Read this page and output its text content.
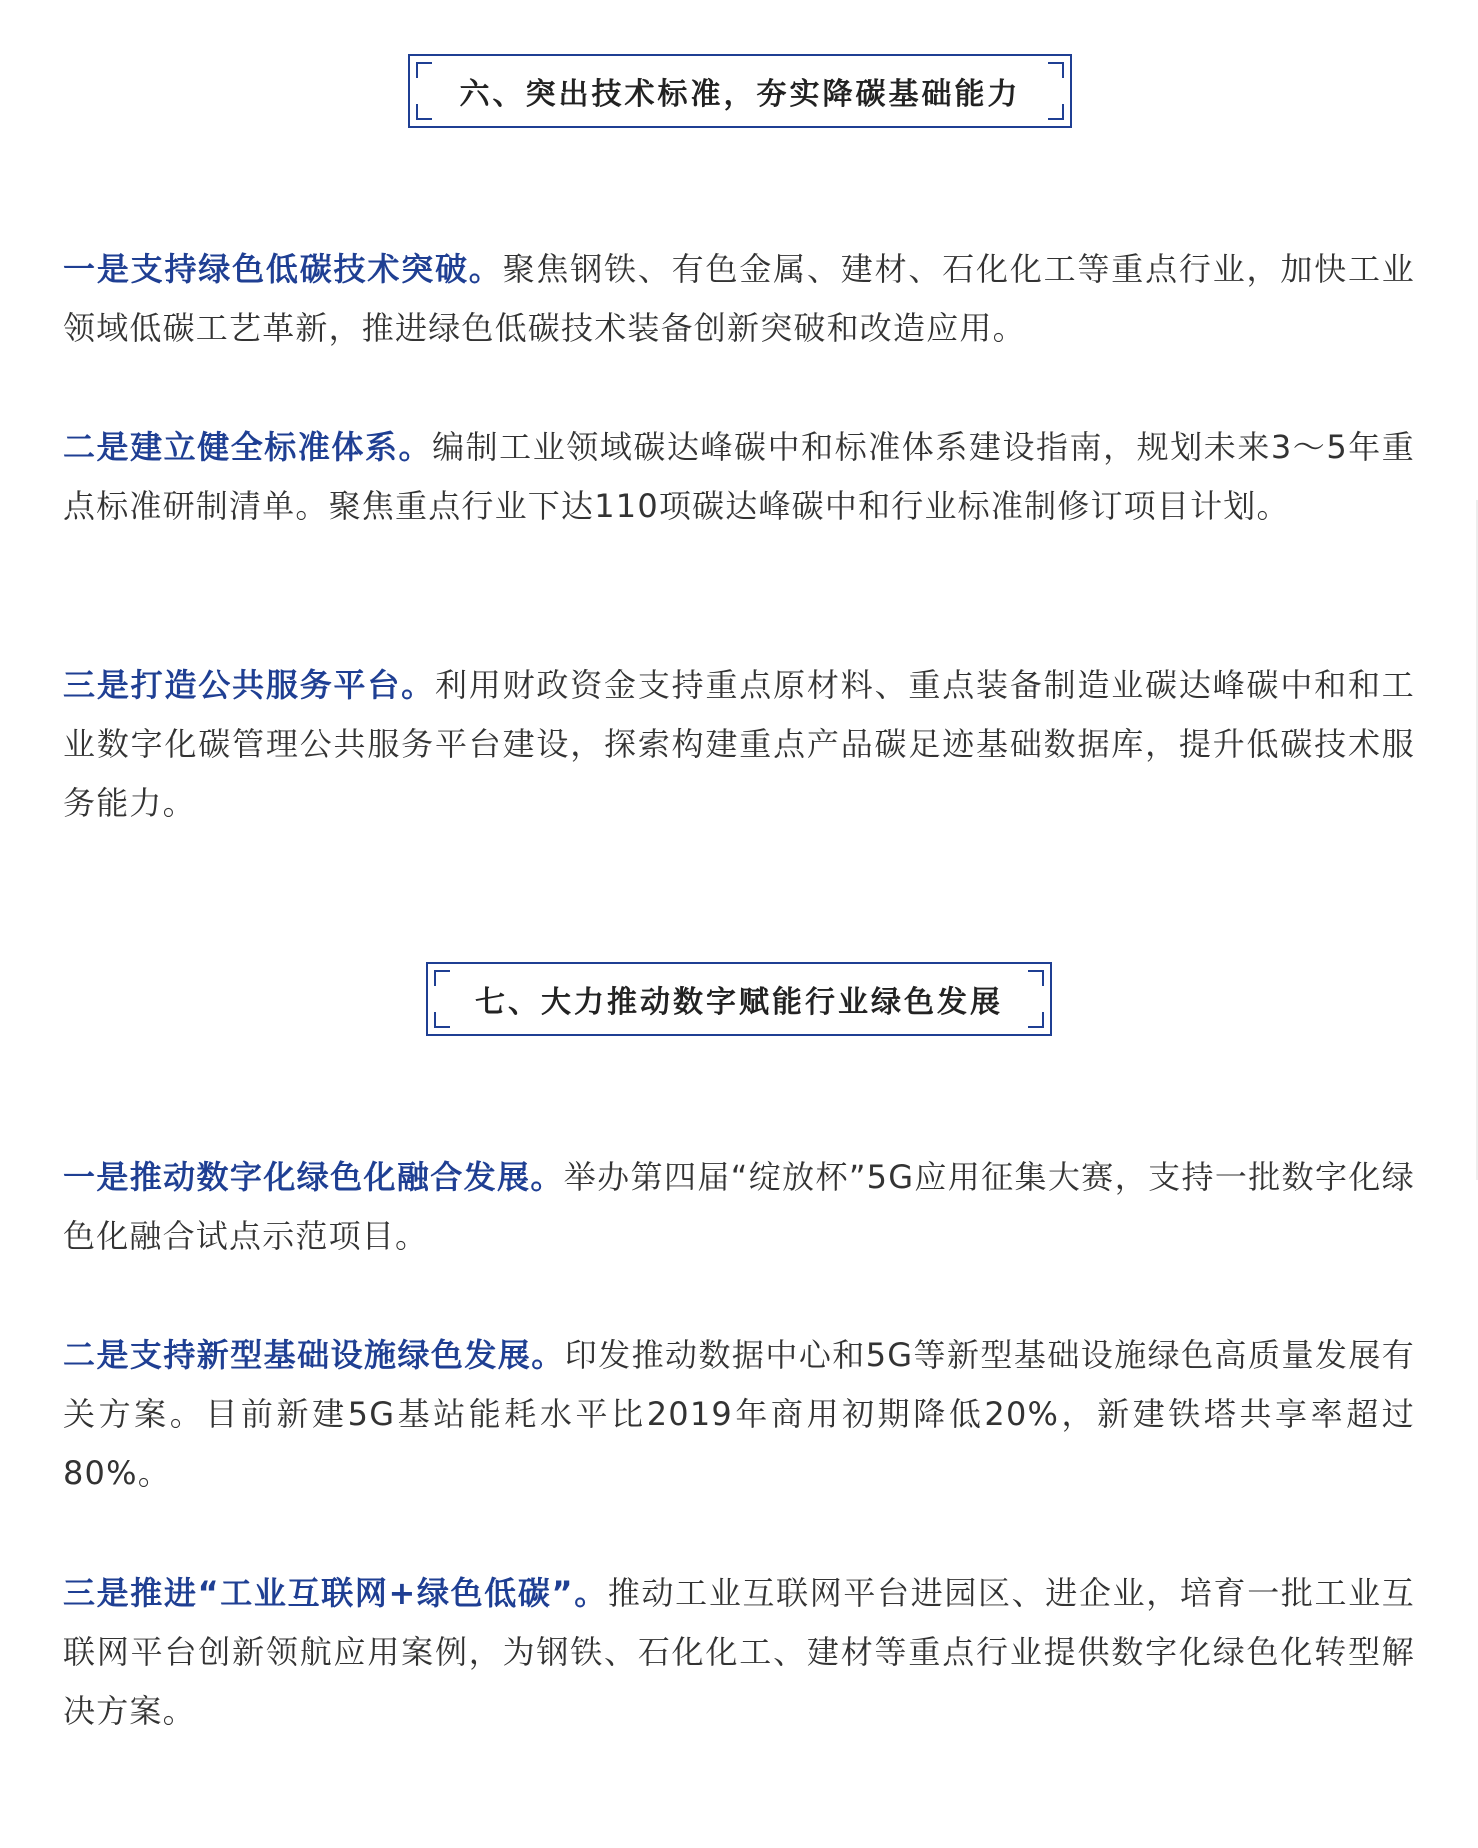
六、突出技术标准，夯实降碳基础能力

一是支持绿色低碳技术突破。聚焦钢铁、有色金属、建材、石化化工等重点行业，加快工业领域低碳工艺革新，推进绿色低碳技术装备创新突破和改造应用。

二是建立健全标准体系。编制工业领域碳达峰碳中和标准体系建设指南，规划未来3～5年重点标准研制清单。聚焦重点行业下达110项碳达峰碳中和行业标准制修订项目计划。

三是打造公共服务平台。利用财政资金支持重点原材料、重点装备制造业碳达峰碳中和和工业数字化碳管理公共服务平台建设，探索构建重点产品碳足迹基础数据库，提升低碳技术服务能力。

七、大力推动数字赋能行业绿色发展

一是推动数字化绿色化融合发展。举办第四届“绽放杯”5G应用征集大赛，支持一批数字化绿色化融合试点示范项目。

二是支持新型基础设施绿色发展。印发推动数据中心和5G等新型基础设施绿色高质量发展有关方案。目前新建5G基站能耗水平比2019年商用初期降低20%，新建铁塔共享率超过80%。

三是推进“工业互联网+绿色低碳”。推动工业互联网平台进园区、进企业，培育一批工业互联网平台创新领航应用案例，为钢铁、石化化工、建材等重点行业提供数字化绿色化转型解决方案。
